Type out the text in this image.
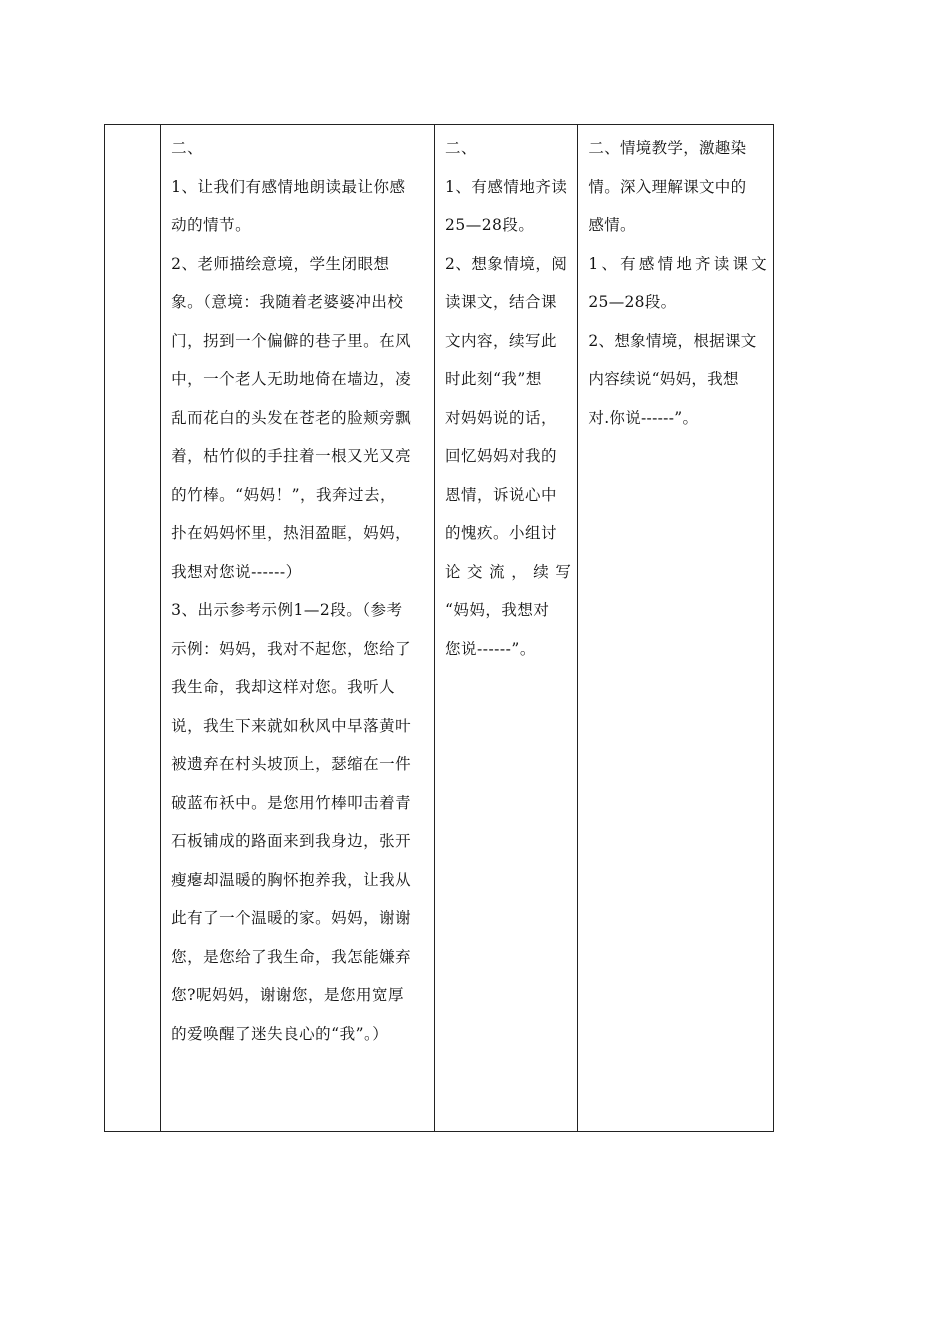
二、
1、让我们有感情地朗读最让你感
动的情节。
2、老师描绘意境，学生闭眼想
象。（意境：我随着老婆婆冲出校
门，拐到一个偏僻的巷子里。在风
中，一个老人无助地倚在墙边，凌
乱而花白的头发在苍老的脸颊旁飘
着，枯竹似的手拄着一根又光又亮
的竹棒。“妈妈！”，我奔过去，
扑在妈妈怀里，热泪盈眶，妈妈，
我想对您说------）
3、出示参考示例1—2段。（参考
示例：妈妈，我对不起您，您给了
我生命，我却这样对您。我听人
说，我生下来就如秋风中早落黄叶
被遗弃在村头坡顶上，瑟缩在一件
破蓝布袄中。是您用竹棒叩击着青
石板铺成的路面来到我身边，张开
瘦瘪却温暖的胸怀抱养我，让我从
此有了一个温暖的家。妈妈，谢谢
您，是您给了我生命，我怎能嫌弃
您?呢妈妈，谢谢您，是您用宽厚
的爱唤醒了迷失良心的“我”。）

二、
1、有感情地齐读
25—28段。
2、想象情境，阅
读课文，结合课
文内容，续写此
时此刻“我”想
对妈妈说的话，
回忆妈妈对我的
恩情，诉说心中
的愧疚。小组讨
论交流，续写
“妈妈，我想对
您说------”。

二、情境教学，激趣染
情。深入理解课文中的
感情。
1、有感情地齐读课文
25—28段。
2、想象情境，根据课文
内容续说“妈妈，我想
对.你说------”。
